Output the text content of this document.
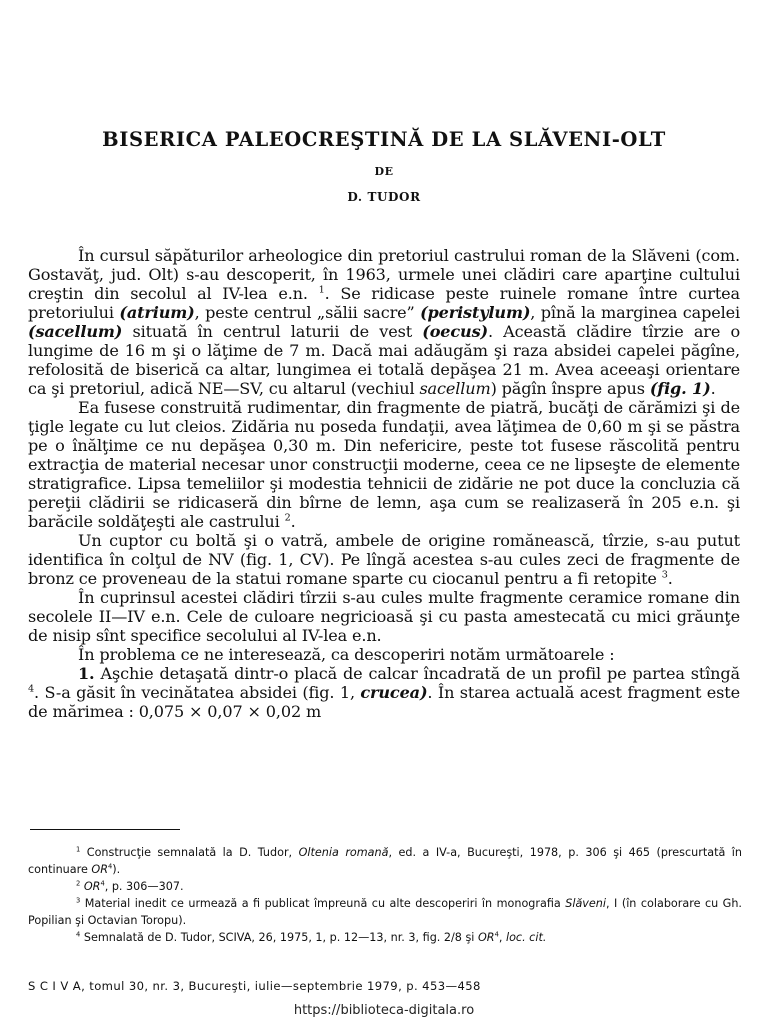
BISERICA PALEOCREŞTINĂ DE LA SLĂVENI-OLT
DE
D. TUDOR

În cursul săpăturilor arheologice din pretoriul castrului roman de la Slăveni (com. Gostavăţ, jud. Olt) s-au descoperit, în 1963, urmele unei clădiri care aparţine cultului creştin din secolul al IV-lea e.n. $^1$. Se ridicase peste ruinele romane între curtea pretoriului (atrium), peste centrul „sălii sacre” (peristylum), pînă la marginea capelei (sacellum) situată în centrul laturii de vest (oecus). Această clădire tîrzie are o lungime de 16 m şi o lăţime de 7 m. Dacă mai adăugăm şi raza absidei capelei păgîne, refolosită de biserică ca altar, lungimea ei totală depăşea 21 m. Avea aceeaşi orientare ca şi pretoriul, adică NE—SV, cu altarul (vechiul sacellum) păgîn înspre apus (fig. 1).

Ea fusese construită rudimentar, din fragmente de piatră, bucăţi de cărămizi şi de ţigle legate cu lut cleios. Zidăria nu poseda fundaţii, avea lăţimea de 0,60 m şi se păstra pe o înălţime ce nu depăşea 0,30 m. Din nefericire, peste tot fusese răscolită pentru extracţia de material necesar unor construcţii moderne, ceea ce ne lipseşte de elemente stratigrafice. Lipsa temeliilor şi modestia tehnicii de zidărie ne pot duce la concluzia că pereţii clădirii se ridicaseră din bîrne de lemn, aşa cum se realizaseră în 205 e.n. şi barăcile soldăţeşti ale castrului $^2$.

Un cuptor cu boltă şi o vatră, ambele de origine romănească, tîrzie, s-au putut identifica în colţul de NV (fig. 1, CV). Pe lîngă acestea s-au cules zeci de fragmente de bronz ce proveneau de la statui romane sparte cu ciocanul pentru a fi retopite $^3$.

În cuprinsul acestei clădiri tîrzii s-au cules multe fragmente ceramice romane din secolele II—IV e.n. Cele de culoare negricioasă şi cu pasta amestecată cu mici grăunţe de nisip sînt specifice secolului al IV-lea e.n.

În problema ce ne interesează, ca descoperiri notăm următoarele :

1. Aşchie detaşată dintr-o placă de calcar încadrată de un profil pe partea stîngă $^4$. S-a găsit în vecinătatea absidei (fig. 1, crucea). În starea actuală acest fragment este de mărimea : 0,075 × 0,07 × 0,02 m

$^1$ Construcţie semnalată la D. Tudor, Oltenia romană, ed. a IV-a, Bucureşti, 1978, p. 306 şi 465 (prescurtată în continuare $OR^4$).

$^2$ $OR^4$, p. 306—307.

$^3$ Material inedit ce urmează a fi publicat împreună cu alte descoperiri în monografia Slăveni, I (în colaborare cu Gh. Popilian şi Octavian Toropu).

$^4$ Semnalată de D. Tudor, SCIVA, 26, 1975, 1, p. 12—13, nr. 3, fig. 2/8 şi $OR^4$, loc. cit.

S C I V A, tomul 30, nr. 3, Bucureşti, iulie—septembrie 1979, p. 453—458
https://biblioteca-digitala.ro
